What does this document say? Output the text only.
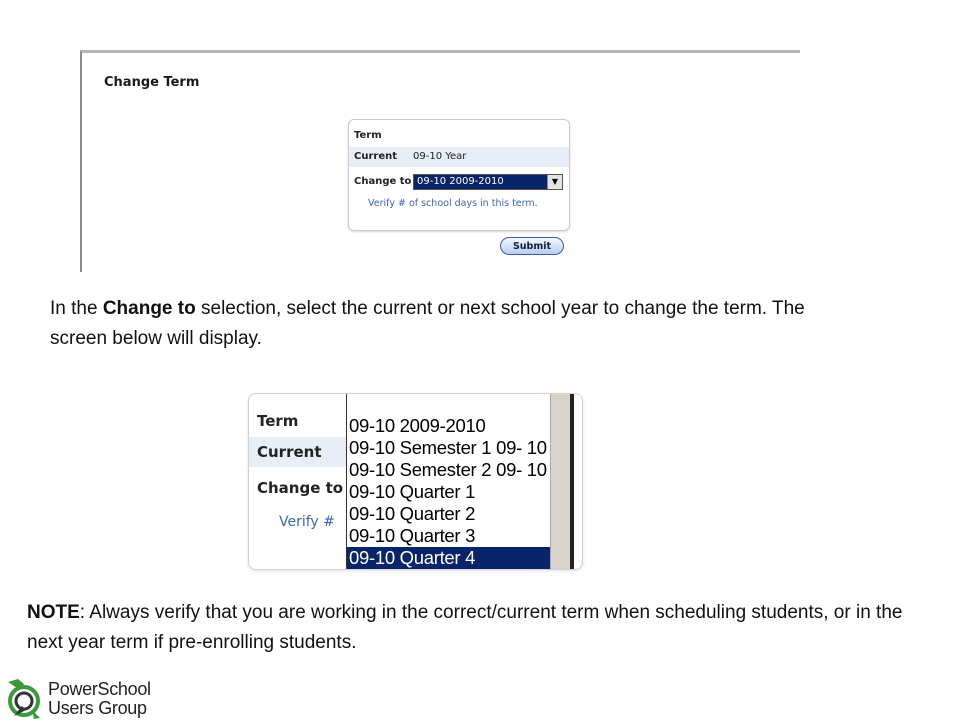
Change Term
Term
Current 09-10 Year
Change to 09-10 2009-2010	▼
Verify # of school days in this term.
Submit
In the Change to selection, select the current or next school year to change the term. The screen below will display.
Term
Current
Change to
Verify #
09-10 2009-2010
09-10 Semester 1 09- 10
09-10 Semester 2 09- 10
09-10 Quarter 1
09-10 Quarter 2
09-10 Quarter 3
09-10 Quarter 4
NOTE: Always verify that you are working in the correct/current term when scheduling students, or in the next year term if pre-enrolling students.
PowerSchool
Users Group
